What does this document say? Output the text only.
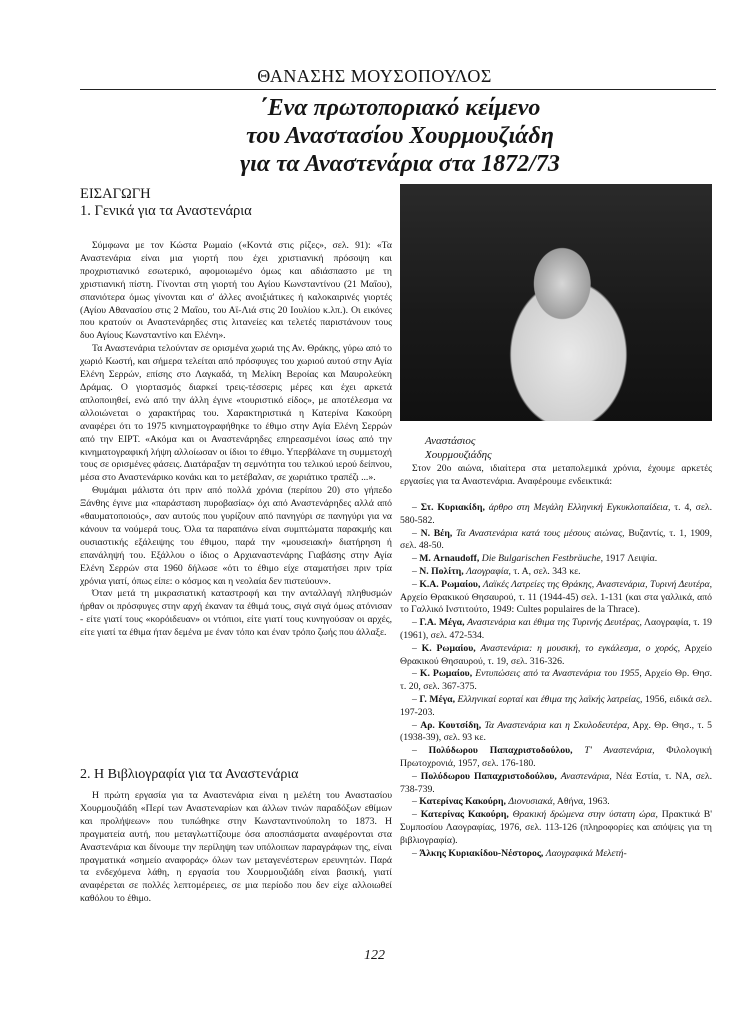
ΘΑΝΑΣΗΣ ΜΟΥΣΟΠΟΥΛΟΣ
΄Ενα πρωτοποριακό κείμενο
του Αναστασίου Χουρμουζιάδη
για τα Αναστενάρια στα 1872/73
ΕΙΣΑΓΩΓΗ
1. Γενικά για τα Αναστενάρια

Σύμφωνα με τον Κώστα Ρωμαίο («Κοντά στις ρίζες», σελ. 91): «Τα Αναστενάρια είναι μια γιορτή που έχει χριστιανική πρόσοψη και προχριστιανικό εσωτερικό, αφομοιωμένο όμως και αδιάσπαστο με τη χριστιανική πίστη. Γίνονται στη γιορτή του Αγίου Κωνσταντίνου (21 Μαΐου), σπανιότερα όμως γίνονται και σ' άλλες ανοιξιάτικες ή καλοκαιρινές γιορτές (Αγίου Αθανασίου στις 2 Μαΐου, του Αϊ-Λιά στις 20 Ιουλίου κ.λπ.). Οι εικόνες που κρατούν οι Αναστενάρηδες στις λιτανείες και τελετές παριστάνουν τους δυο Αγίους Κωνσταντίνο και Ελένη».

Τα Αναστενάρια τελούνταν σε ορισμένα χωριά της Αν. Θράκης, γύρω από το χωριό Κωστή, και σήμερα τελείται από πρόσφυγες του χωριού αυτού στην Αγία Ελένη Σερρών, επίσης στο Λαγκαδά, τη Μελίκη Βεροίας και Μαυρολεύκη Δράμας. Ο γιορτασμός διαρκεί τρεις-τέσσερις μέρες και έχει αρκετά απλοποιηθεί, ενώ από την άλλη έγινε «τουριστικό είδος», με αποτέλεσμα να αλλοιώνεται ο χαρακτήρας του. Χαρακτηριστικά η Κατερίνα Κακούρη αναφέρει ότι το 1975 κινηματογραφήθηκε το έθιμο στην Αγία Ελένη Σερρών από την ΕΙΡΤ. «Ακόμα και οι Αναστενάρηδες επηρεασμένοι ίσως από την κινηματογραφική λήψη αλλοίωσαν οι ίδιοι το έθιμο. Υπερβάλανε τη συμμετοχή τους σε ορισμένες φάσεις. Διατάραξαν τη σεμνότητα του τελικού ιερού δείπνου, μέσα στο Αναστενάρικο κονάκι και το μετέβαλαν, σε χωριάτικο τραπέζι ...».

Θυμάμαι μάλιστα ότι πριν από πολλά χρόνια (περίπου 20) στο γήπεδο Ξάνθης έγινε μια «παράσταση πυροβασίας» όχι από Αναστενάρηδες αλλά από «θαυματοποιούς», σαν αυτούς που γυρίζουν από πανηγύρι σε πανηγύρι για να κάνουν τα νούμερά τους. Όλα τα παραπάνω είναι συμπτώματα παρακμής και ουσιαστικής εξάλειψης του έθιμου, παρά την «μουσειακή» διατήρηση ή επανάληψή του. Εξάλλου ο ίδιος ο Αρχιαναστενάρης Γιαβάσης στην Αγία Ελένη Σερρών στα 1960 δήλωσε «ότι το έθιμο είχε σταματήσει πριν τρία χρόνια γιατί, όπως είπε: ο κόσμος και η νεολαία δεν πιστεύουν».

Όταν μετά τη μικρασιατική καταστροφή και την ανταλλαγή πληθυσμών ήρθαν οι πρόσφυγες στην αρχή έκαναν τα έθιμά τους, σιγά σιγά όμως ατόνισαν - είτε γιατί τους «κορόιδευαν» οι ντόπιοι, είτε γιατί τους κυνηγούσαν οι αρχές, είτε γιατί τα έθιμα ήταν δεμένα με έναν τόπο και έναν τρόπο ζωής που άλλαξε.

2. Η Βιβλιογραφία για τα Αναστενάρια

Η πρώτη εργασία για τα Αναστενάρια είναι η μελέτη του Αναστασίου Χουρμουζιάδη «Περί των Αναστεναρίων και άλλων τινών παραδόξων εθίμων και προλήψεων» που τυπώθηκε στην Κωνσταντινούπολη το 1873. Η πραγματεία αυτή, που μεταγλωττίζουμε όσα αποσπάσματα αναφέρονται στα Αναστενάρια και δίνουμε την περίληψη των υπόλοιπων παραγράφων της, είναι πραγματικά «σημείο αναφοράς» όλων των μεταγενέστερων ερευνητών. Παρά τα ενδεχόμενα λάθη, η εργασία του Χουρμουζιάδη είναι βασική, γιατί αναφέρεται σε πολλές λεπτομέρειες, σε μια περίοδο που δεν είχε αλλοιωθεί καθόλου το έθιμο.

Αναστάσιος
Χουρμουζιάδης

Στον 20ο αιώνα, ιδιαίτερα στα μεταπολεμικά χρόνια, έχουμε αρκετές εργασίες για τα Αναστενάρια. Αναφέρουμε ενδεικτικά:

– Στ. Κυριακίδη, άρθρο στη Μεγάλη Ελληνική Εγκυκλοπαίδεια, τ. 4, σελ. 580-582.

– Ν. Βέη, Τα Αναστενάρια κατά τους μέσους αιώνας, Βυζαντίς, τ. 1, 1909, σελ. 48-50.

– Μ. Arnaudoff, Die Bulgarischen Festbräuche, 1917 Λειψία.

– Ν. Πολίτη, Λαογραφία, τ. Α, σελ. 343 κε.

– Κ.Α. Ρωμαίου, Λαϊκές Λατρείες της Θράκης, Αναστενάρια, Τυρινή Δευτέρα, Αρχείο Θρακικού Θησαυρού, τ. 11 (1944-45) σελ. 1-131 (και στα γαλλικά, από το Γαλλικό Ινστιτούτο, 1949: Cultes populaires de la Thrace).

– Γ.Α. Μέγα, Αναστενάρια και έθιμα της Τυρινής Δευτέρας, Λαογραφία, τ. 19 (1961), σελ. 472-534.

– Κ. Ρωμαίου, Αναστενάρια: η μουσική, το εγκάλεσμα, ο χορός, Αρχείο Θρακικού Θησαυρού, τ. 19, σελ. 316-326.

– Κ. Ρωμαίου, Εντυπώσεις από τα Αναστενάρια του 1955, Αρχείο Θρ. Θησ. τ. 20, σελ. 367-375.

– Γ. Μέγα, Ελληνικαί εορταί και έθιμα της λαϊκής λατρείας, 1956, ειδικά σελ. 197-203.

– Αρ. Κουτσίδη, Τα Αναστενάρια και η Σκυλοδευτέρα, Αρχ. Θρ. Θησ., τ. 5 (1938-39), σελ. 93 κε.

– Πολύδωρου Παπαχριστοδούλου, Τ' Αναστενάρια, Φιλολογική Πρωτοχρονιά, 1957, σελ. 176-180.

– Πολύδωρου Παπαχριστοδούλου, Αναστενάρια, Νέα Εστία, τ. ΝΑ, σελ. 738-739.

– Κατερίνας Κακούρη, Διονυσιακά, Αθήνα, 1963.

– Κατερίνας Κακούρη, Θρακική δρώμενα στην ύστατη ώρα, Πρακτικά Β' Συμποσίου Λαογραφίας, 1976, σελ. 113-126 (πληροφορίες και απόψεις για τη βιβλιογραφία).

– Άλκης Κυριακίδου-Νέστορος, Λαογραφικά Μελετή-

122
